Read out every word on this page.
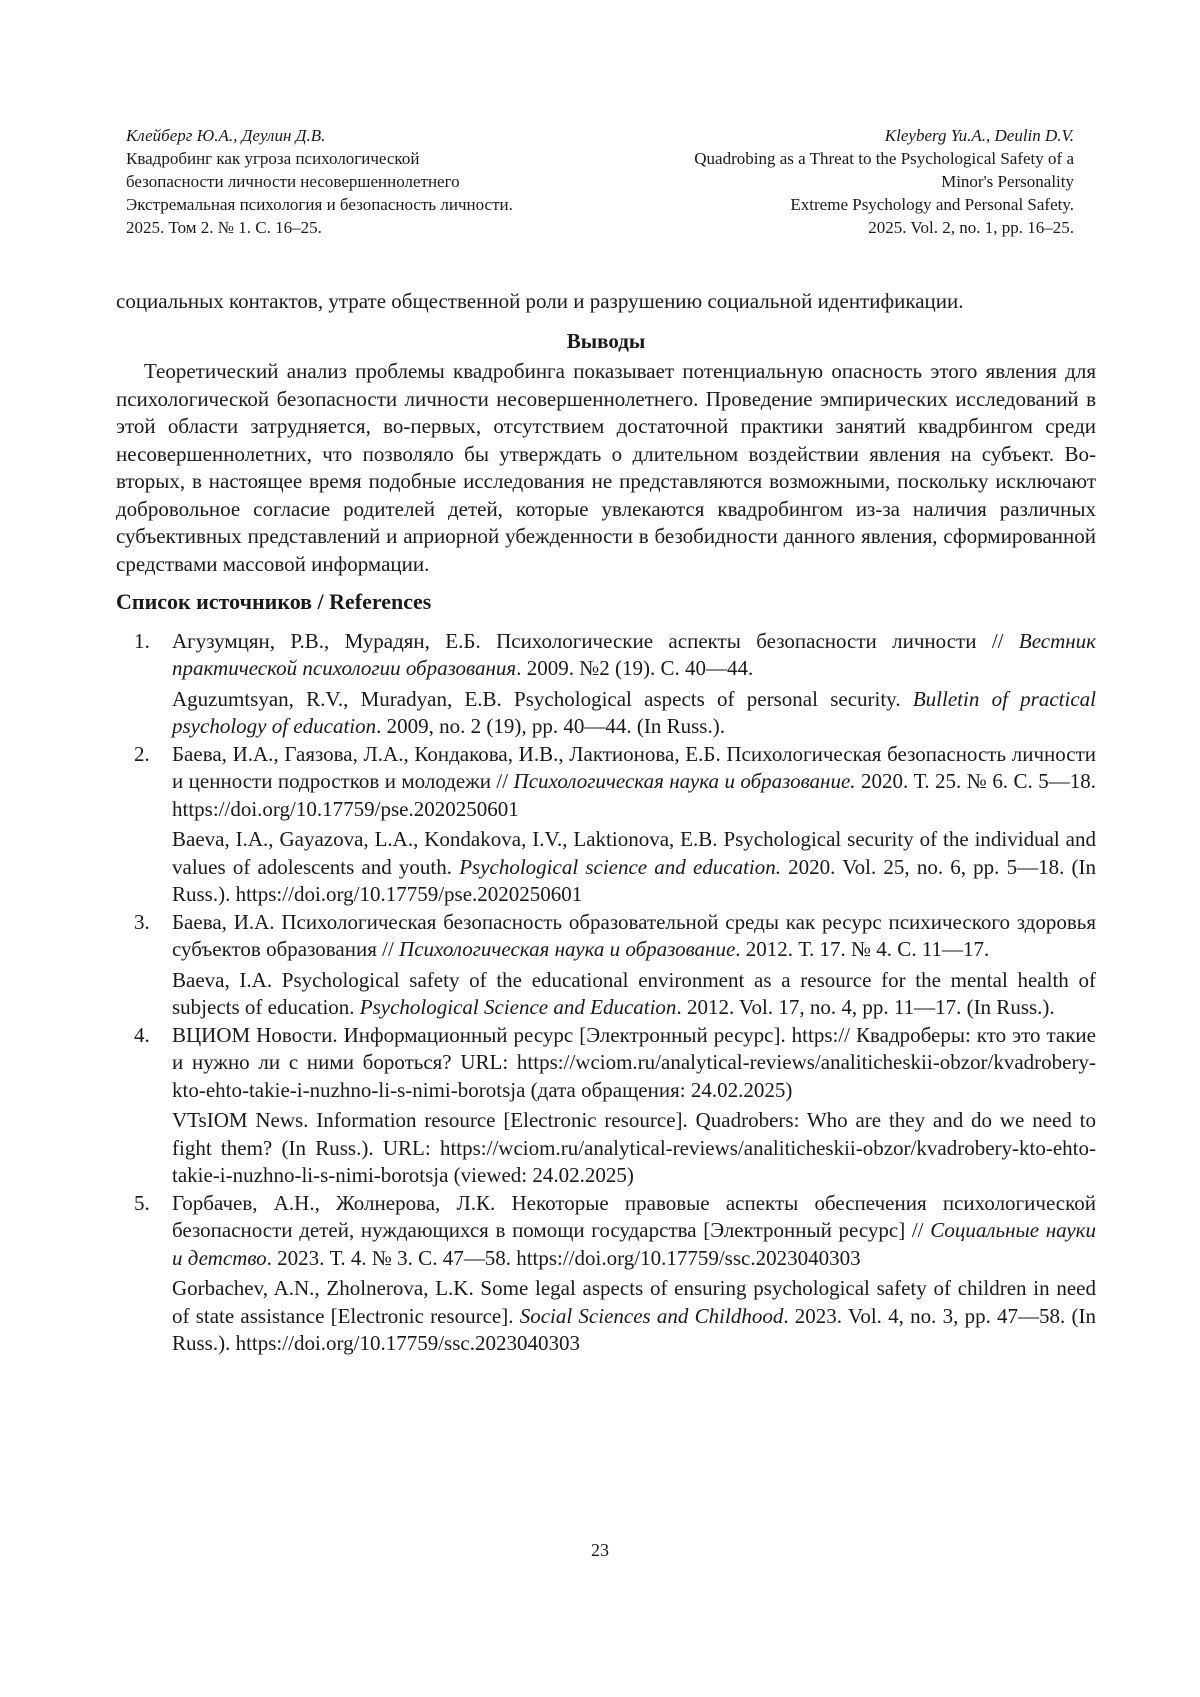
Клейберг Ю.А., Деулин Д.В.
Квадробинг как угроза психологической
безопасности личности несовершеннолетнего
Экстремальная психология и безопасность личности.
2025. Том 2. № 1. С. 16–25.
Kleyberg Yu.A., Deulin D.V.
Quadrobing as a Threat to the Psychological Safety of a
Minor's Personality
Extreme Psychology and Personal Safety.
2025. Vol. 2, no. 1, pp. 16–25.

социальных контактов, утрате общественной роли и разрушению социальной идентификации.

Выводы

Теоретический анализ проблемы квадробинга показывает потенциальную опасность этого явления для психологической безопасности личности несовершеннолетнего. Проведение эмпирических исследований в этой области затрудняется, во-первых, отсутствием достаточной практики занятий квадрбингом среди несовершеннолетних, что позволяло бы утверждать о длительном воздействии явления на субъект. Во-вторых, в настоящее время подобные исследования не представляются возможными, поскольку исключают добровольное согласие родителей детей, которые увлекаются квадробингом из-за наличия различных субъективных представлений и априорной убежденности в безобидности данного явления, сформированной средствами массовой информации.

Список источников / References
1. Агузумцян, Р.В., Мурадян, Е.Б. Психологические аспекты безопасности личности // Вестник практической психологии образования. 2009. №2 (19). С. 40—44.

Aguzumtsyan, R.V., Muradyan, E.B. Psychological aspects of personal security. Bulletin of practical psychology of education. 2009, no. 2 (19), pp. 40—44. (In Russ.).

2. Баева, И.А., Гаязова, Л.А., Кондакова, И.В., Лактионова, Е.Б. Психологическая безопасность личности и ценности подростков и молодежи // Психологическая наука и образование. 2020. Т. 25. № 6. С. 5—18. https://doi.org/10.17759/pse.2020250601

Baeva, I.A., Gayazova, L.A., Kondakova, I.V., Laktionova, E.B. Psychological security of the individual and values of adolescents and youth. Psychological science and education. 2020. Vol. 25, no. 6, pp. 5—18. (In Russ.). https://doi.org/10.17759/pse.2020250601

3. Баева, И.А. Психологическая безопасность образовательной среды как ресурс психического здоровья субъектов образования // Психологическая наука и образование. 2012. Т. 17. № 4. С. 11—17.

Baeva, I.A. Psychological safety of the educational environment as a resource for the mental health of subjects of education. Psychological Science and Education. 2012. Vol. 17, no. 4, pp. 11—17. (In Russ.).

4. ВЦИОМ Новости. Информационный ресурс [Электронный ресурс]. https:// Квадроберы: кто это такие и нужно ли с ними бороться? URL: https://wciom.ru/analytical-reviews/analiticheskii-obzor/kvadrobery-kto-ehto-takie-i-nuzhno-li-s-nimi-borotsja (дата обращения: 24.02.2025)

VTsIOM News. Information resource [Electronic resource]. Quadrobers: Who are they and do we need to fight them? (In Russ.). URL: https://wciom.ru/analytical-reviews/analiticheskii-obzor/kvadrobery-kto-ehto-takie-i-nuzhno-li-s-nimi-borotsja (viewed: 24.02.2025)

5. Горбачев, А.Н., Жолнерова, Л.К. Некоторые правовые аспекты обеспечения психологической безопасности детей, нуждающихся в помощи государства [Электронный ресурс] // Социальные науки и детство. 2023. Т. 4. № 3. С. 47—58. https://doi.org/10.17759/ssc.2023040303

Gorbachev, A.N., Zholnerova, L.K. Some legal aspects of ensuring psychological safety of children in need of state assistance [Electronic resource]. Social Sciences and Childhood. 2023. Vol. 4, no. 3, pp. 47—58. (In Russ.). https://doi.org/10.17759/ssc.2023040303

23
